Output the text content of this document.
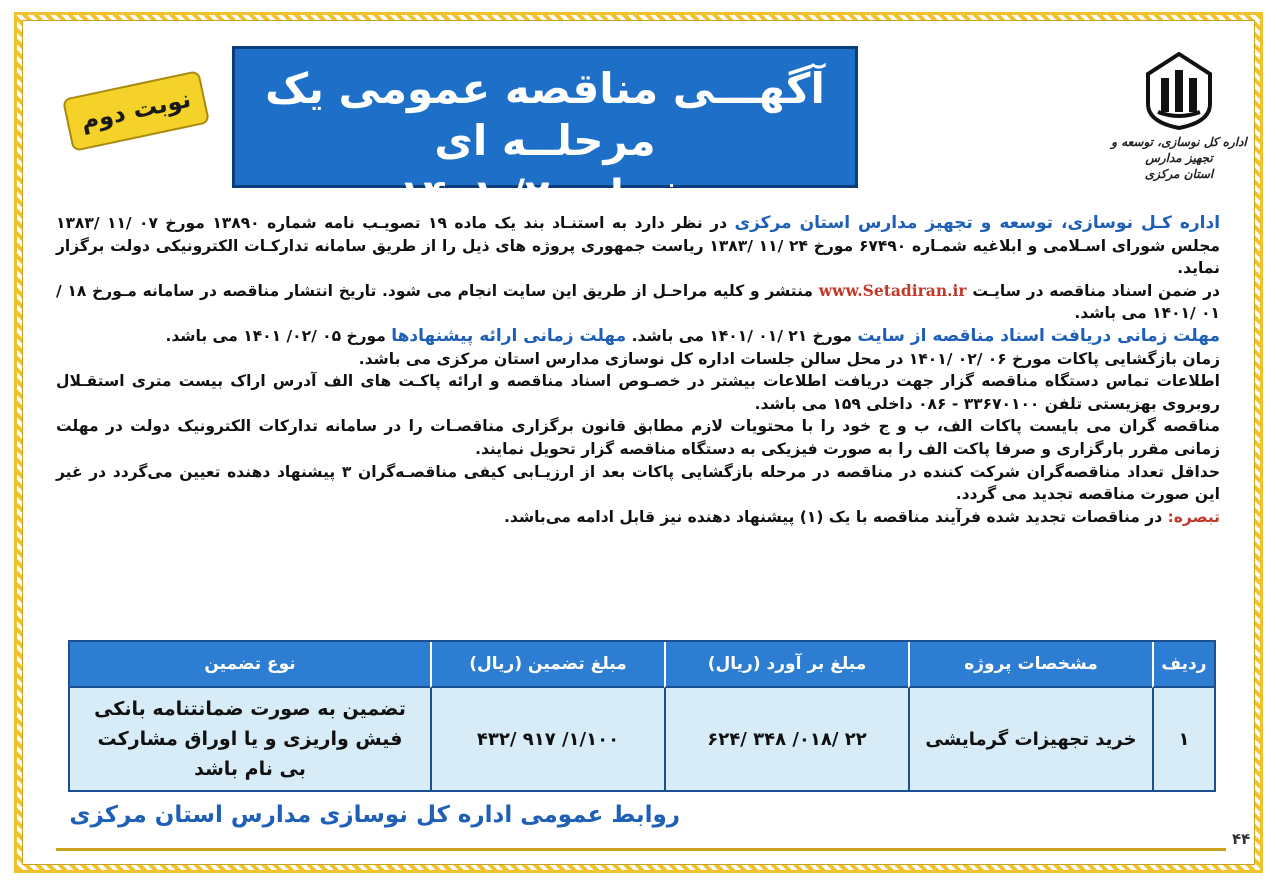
اداره کل نوسازی، توسعه و تجهیز مدارس
استان مرکزی
آگهـــی مناقصه عمومی یک مرحلــه ای
شماره ۲/ ۱۴۰۱
نوبت دوم

اداره کـل نوسازی، توسعه و تجهیز مدارس استان مرکزی در نظر دارد به استنـاد بند یک ماده ۱۹ تصویـب نامه شماره ۱۳۸۹۰ مورخ ۰۷ /۱۱ /۱۳۸۳ مجلس شورای اسـلامی و ابلاغیه شمـاره ۶۷۴۹۰ مورخ ۲۴ /۱۱ /۱۳۸۳ ریاست جمهوری پروژه های ذیل را از طریق سامانه تدارکـات الکترونیکی دولت برگزار نماید.

در ضمن اسناد مناقصه در سایـت www.Setadiran.ir منتشر و کلیه مراحـل از طریق این سایت انجام می شود. تاریخ انتشار مناقصه در سامانه مـورخ ۱۸ /۰۱ /۱۴۰۱ می باشد.

مهلت زمانی دریافت اسناد مناقصه از سایت مورخ ۲۱ /۰۱ /۱۴۰۱ می باشد. مهلت زمانی ارائه پیشنهادها مورخ ۰۵ /۰۲/ ۱۴۰۱ می باشد.

زمان بازگشایی پاکات مورخ ۰۶ /۰۲ /۱۴۰۱ در محل سالن جلسات اداره کل نوسازی مدارس استان مرکزی می باشد.

اطلاعات تماس دستگاه مناقصه گزار جهت دریافت اطلاعات بیشتر در خصـوص اسناد مناقصه و ارائه پاکـت های الف آدرس اراک بیست متری استقـلال روبروی بهزیستی تلفن ۳۳۶۷۰۱۰۰ - ۰۸۶ داخلی ۱۵۹ می باشد.

مناقصه گران می بایست پاکات الف، ب و ج خود را با محتویات لازم مطابق قانون برگزاری مناقصـات را در سامانه تدارکات الکترونیک دولت در مهلت زمانی مقرر بارگزاری و صرفا پاکت الف را به صورت فیزیکی به دستگاه مناقصه گزار تحویل نمایند.

حداقل تعداد مناقصه‌گران شرکت کننده در مناقصه در مرحله بازگشایی پاکات بعد از ارزیـابی کیفی مناقصـه‌گران ۳ پیشنهاد دهنده تعیین می‌گردد در غیر این صورت مناقصه تجدید می گردد.

تبصره: در مناقصات تجدید شده فرآیند مناقصه با یک (۱) پیشنهاد دهنده نیز قابل ادامه می‌باشد.

ردیف	مشخصات پروژه	مبلغ بر آورد (ریال)	مبلغ تضمین (ریال)	نوع تضمین
۱	خرید تجهیزات گرمایشی	۲۲ /۰۱۸/ ۳۴۸ /۶۲۴	۱/۱۰۰/ ۹۱۷ /۴۳۲	تضمین به صورت ضمانتنامه بانکی
فیش واریزی و یا اوراق مشارکت
بی نام باشد
روابط عمومی اداره کل نوسازی مدارس استان مرکزی
۴۴
